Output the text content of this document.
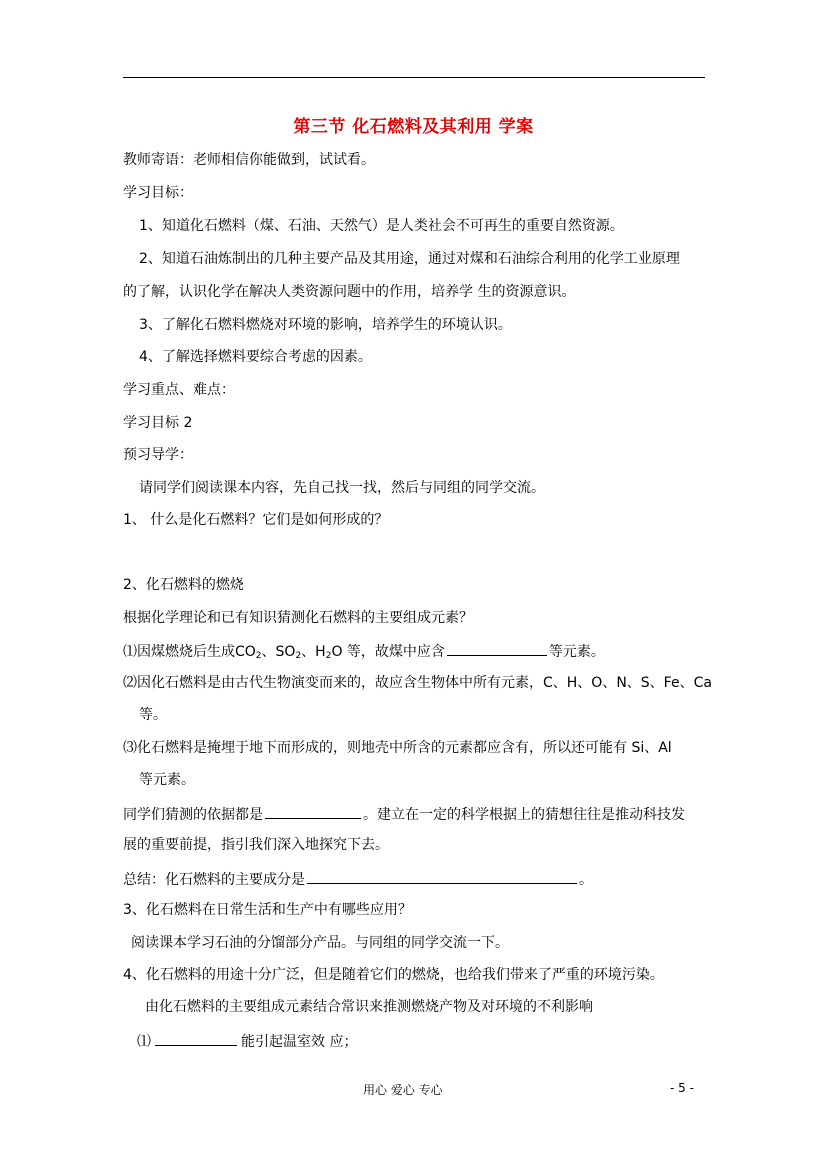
第三节 化石燃料及其利用 学案
教师寄语：老师相信你能做到，试试看。
学习目标：
1、知道化石燃料（煤、石油、天然气）是人类社会不可再生的重要自然资源。
2、知道石油炼制出的几种主要产品及其用途，通过对煤和石油综合利用的化学工业原理
的了解，认识化学在解决人类资源问题中的作用，培养学 生的资源意识。
3、了解化石燃料燃烧对环境的影响，培养学生的环境认识。
4、了解选择燃料要综合考虑的因素。
学习重点、难点：
学习目标 2
预习导学：
请同学们阅读课本内容，先自己找一找，然后与同组的同学交流。
1、 什么是化石燃料？它们是如何形成的？
2、化石燃料的燃烧
根据化学理论和已有知识猜测化石燃料的主要组成元素？
⑴因煤燃烧后生成$CO_2$、$SO_2$、$H_2O$ 等，故煤中应含	等元素。
⑵因化石燃料是由古代生物演变而来的，故应含生物体中所有元素，C、H、O、N、S、Fe、Ca
等。
⑶化石燃料是掩埋于地下而形成的，则地壳中所含的元素都应含有，所以还可能有 Si、Al
等元素。
同学们猜测的依据都是	。建立在一定的科学根据上的猜想往往是推动科技发
展的重要前提，指引我们深入地探究下去。
总结：化石燃料的主要成分是	。
3、化石燃料在日常生活和生产中有哪些应用？
阅读课本学习石油的分馏部分产品。与同组的同学交流一下。
4、化石燃料的用途十分广泛，但是随着它们的燃烧，也给我们带来了严重的环境污染。
由化石燃料的主要组成元素结合常识来推测燃烧产物及对环境的不利影响
⑴	能引起温室效 应；
用心 爱心 专心	- 5 -
